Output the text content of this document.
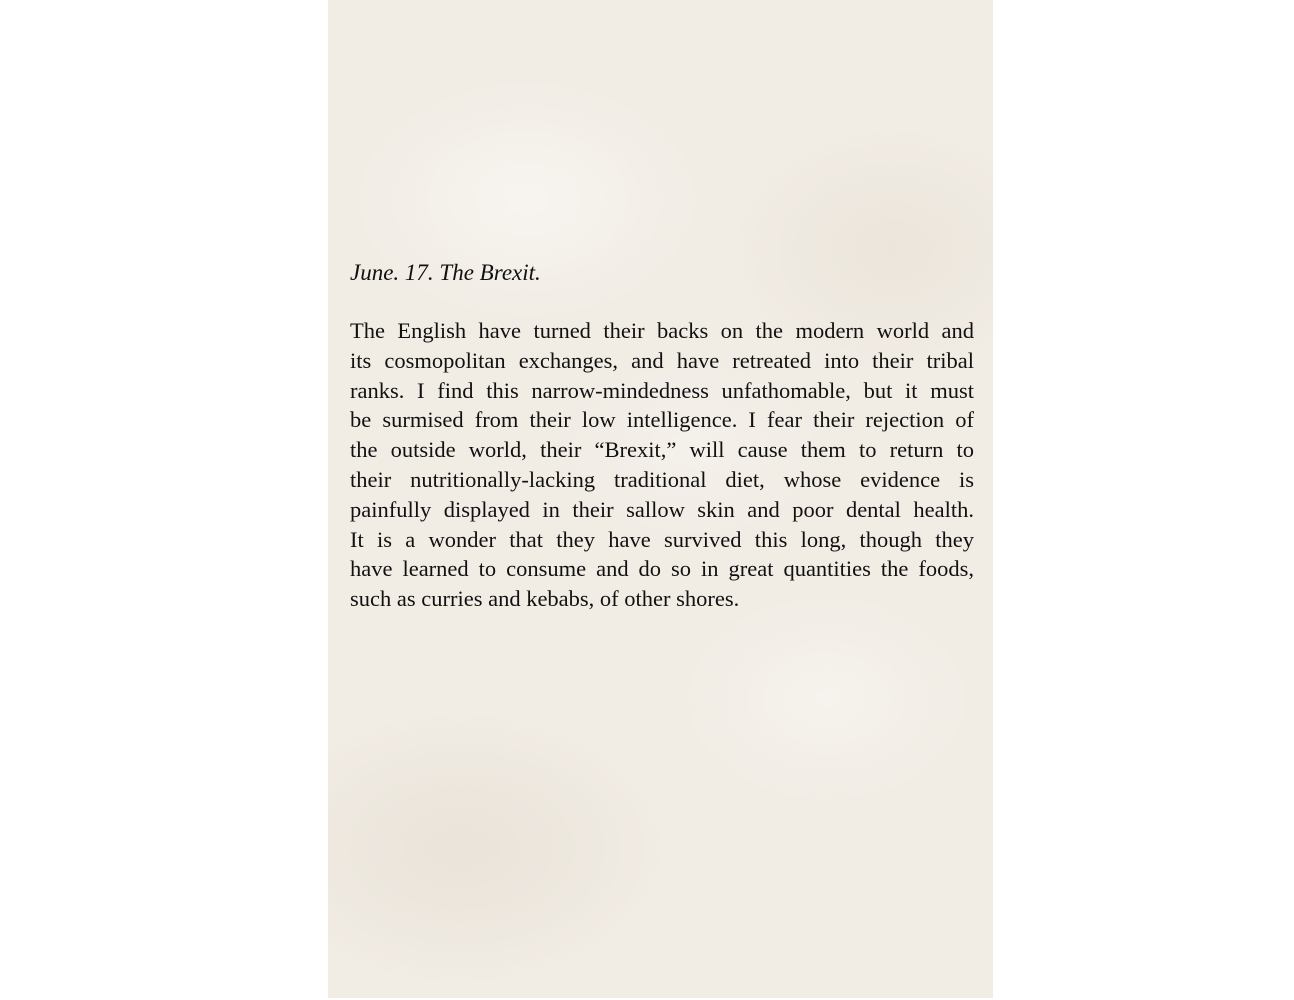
June. 17. The Brexit.
The English have turned their backs on the modern world and
its cosmopolitan exchanges, and have retreated into their tribal
ranks. I find this narrow-mindedness unfathomable, but it must
be surmised from their low intelligence. I fear their rejection of
the outside world, their “Brexit,” will cause them to return to
their nutritionally-lacking traditional diet, whose evidence is
painfully displayed in their sallow skin and poor dental health.
It is a wonder that they have survived this long, though they
have learned to consume and do so in great quantities the foods,
such as curries and kebabs, of other shores.
